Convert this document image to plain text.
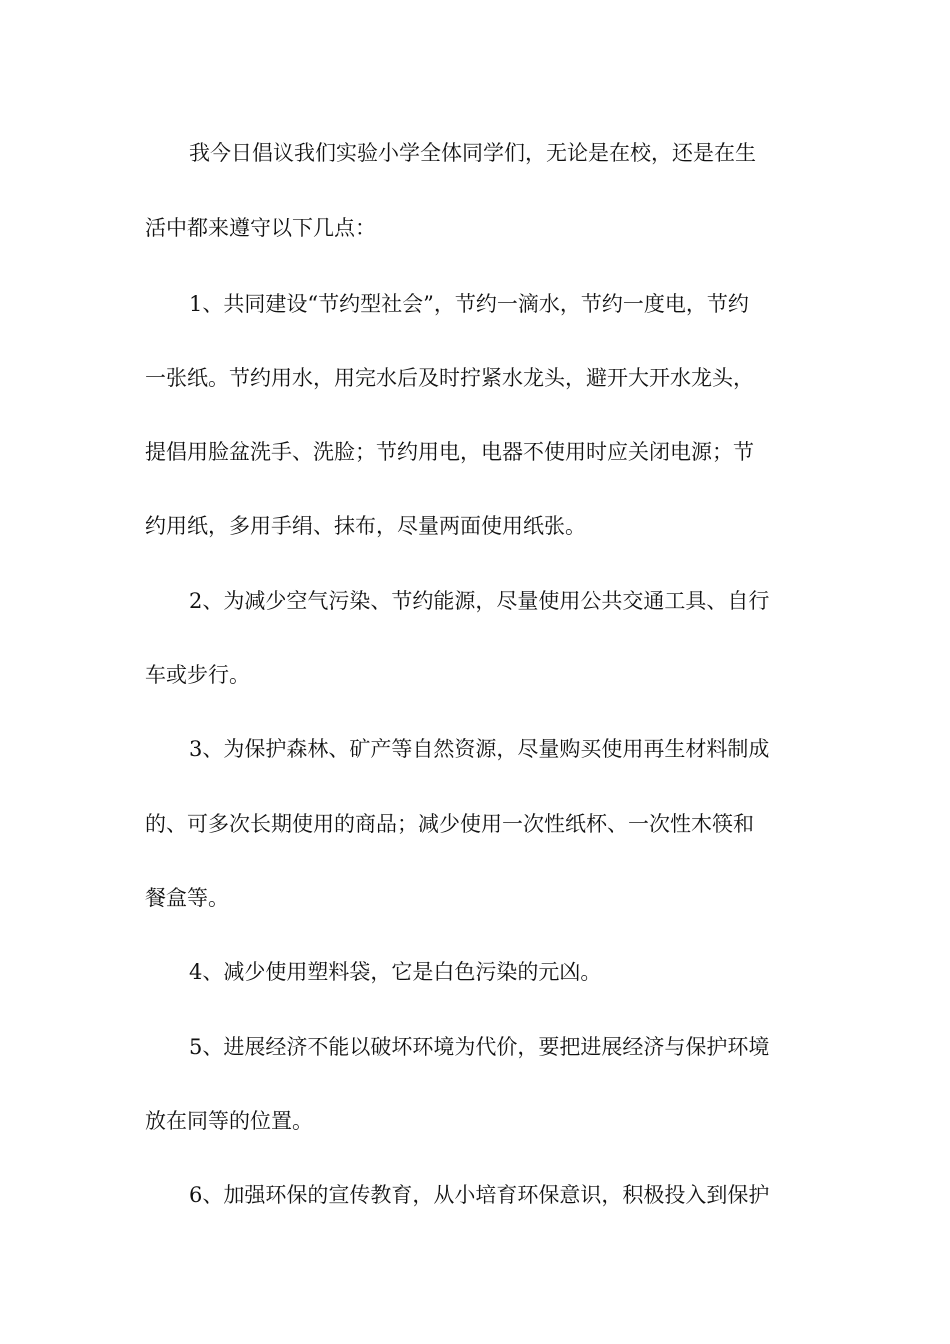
我今日倡议我们实验小学全体同学们，无论是在校，还是在生
活中都来遵守以下几点：
1、共同建设“节约型社会”，节约一滴水，节约一度电，节约
一张纸。节约用水，用完水后及时拧紧水龙头，避开大开水龙头，
提倡用脸盆洗手、洗脸；节约用电，电器不使用时应关闭电源；节
约用纸，多用手绢、抹布，尽量两面使用纸张。
2、为减少空气污染、节约能源，尽量使用公共交通工具、自行
车或步行。
3、为保护森林、矿产等自然资源，尽量购买使用再生材料制成
的、可多次长期使用的商品；减少使用一次性纸杯、一次性木筷和
餐盒等。
4、减少使用塑料袋，它是白色污染的元凶。
5、进展经济不能以破坏环境为代价，要把进展经济与保护环境
放在同等的位置。
6、加强环保的宣传教育，从小培育环保意识，积极投入到保护
